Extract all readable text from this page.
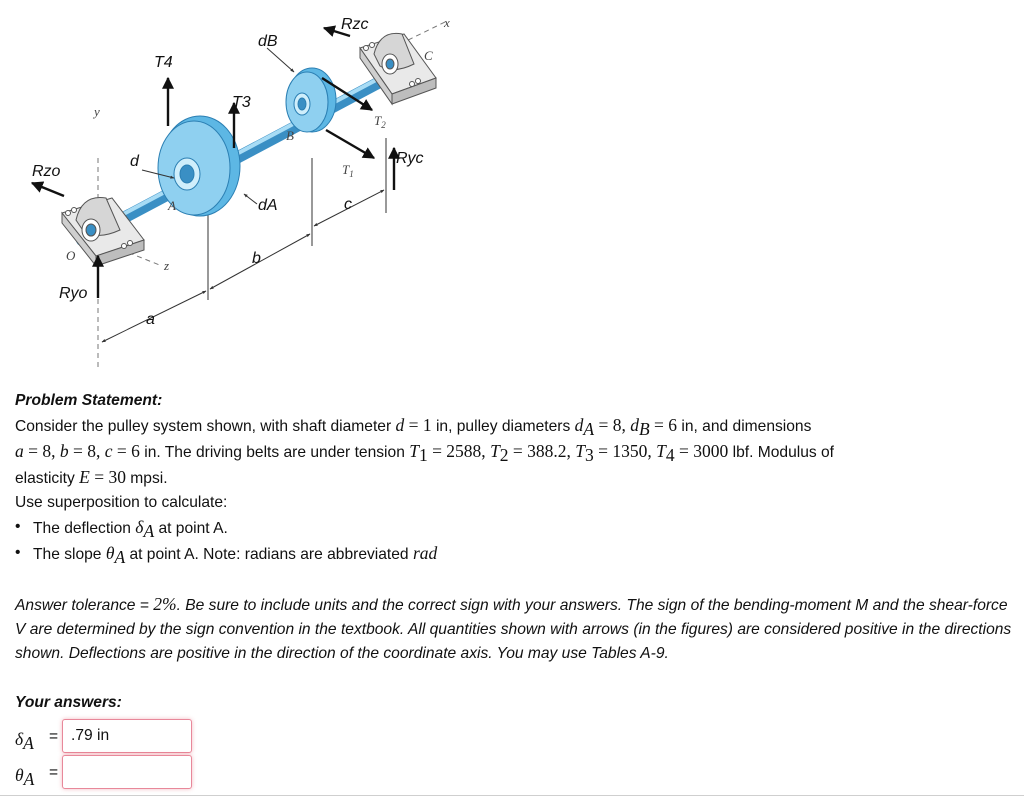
dB
Rzc
T4
T3
Ryc
d
Rzo
dA	c
b
Ryo
a
x
C
$T_2$
y
B
$T_1$
A
O
z
Problem Statement:
Consider the pulley system shown, with shaft diameter d = 1 in, pulley diameters $d_A = 8$, $d_B = 6$ in, and dimensions
a = 8, b = 8, c = 6 in. The driving belts are under tension $T_1 = 2588$, $T_2 = 388.2$, $T_3 = 1350$, $T_4 = 3000$ lbf. Modulus of
elasticity E = 30 mpsi.
Use superposition to calculate:
• The deflection $\delta_A$ at point A.
• The slope $\theta_A$ at point A. Note: radians are abbreviated rad
Answer tolerance = 2%. Be sure to include units and the correct sign with your answers. The sign of the bending-moment M and the shear-force V are determined by the sign convention in the textbook. All quantities shown with arrows (in the figures) are considered positive in the directions shown. Deflections are positive in the direction of the coordinate axis. You may use Tables A-9.
Your answers:
$\delta_A$ =
.79 in
$\theta_A$ =
